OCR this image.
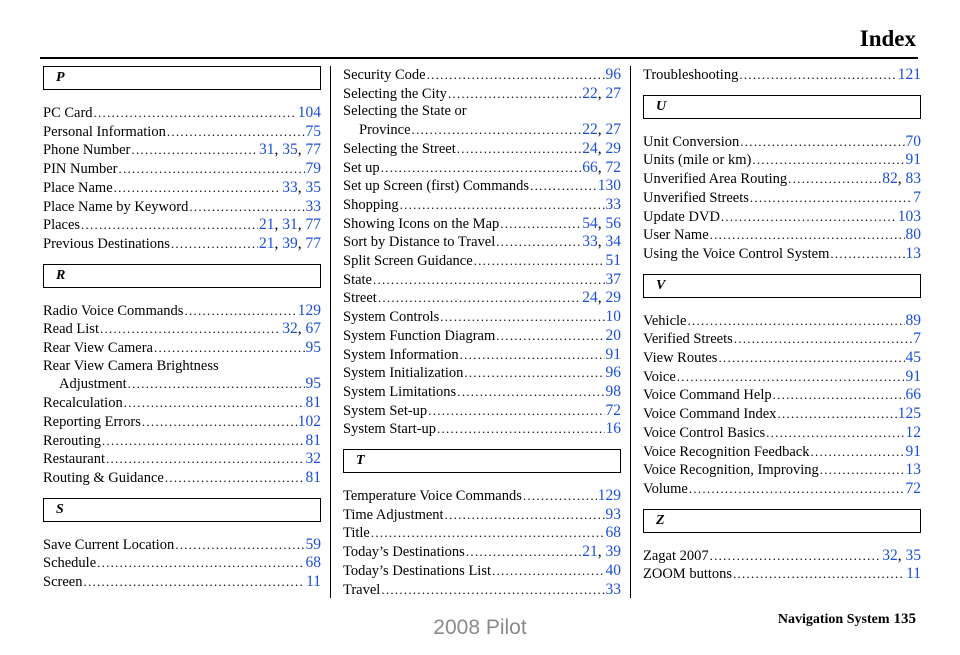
Index
P
PC Card . . .	104
Personal Information . . .	75
Phone Number . . .	31, 35, 77
PIN Number . . .	79
Place Name . . .	33, 35
Place Name by Keyword . . .	33
Places . . .	21, 31, 77
Previous Destinations . . .	21, 39, 77
R
Radio Voice Commands . . .	129
Read List . . .	32, 67
Rear View Camera . . .	95
Rear View Camera Brightness
Adjustment . . .	95
Recalculation . . .	81
Reporting Errors . . .	102
Rerouting . . .	81
Restaurant . . .	32
Routing & Guidance . . .	81
S
Save Current Location . . .	59
Schedule . . .	68
Screen . . .	11
Security Code . . .	96
Selecting the City . . .	22, 27
Selecting the State or
Province . . .	22, 27
Selecting the Street . . .	24, 29
Set up . . .	66, 72
Set up Screen (first) Commands . . .	130
Shopping . . .	33
Showing Icons on the Map . . .	54, 56
Sort by Distance to Travel . . .	33, 34
Split Screen Guidance . . .	51
State . . .	37
Street . . .	24, 29
System Controls . . .	10
System Function Diagram . . .	20
System Information . . .	91
System Initialization . . .	96
System Limitations . . .	98
System Set-up . . .	72
System Start-up . . .	16
T
Temperature Voice Commands . . .	129
Time Adjustment . . .	93
Title . . .	68
Today’s Destinations . . .	21, 39
Today’s Destinations List . . .	40
Travel . . .	33
Troubleshooting . . .	121
U
Unit Conversion . . .	70
Units (mile or km) . . .	91
Unverified Area Routing . . .	82, 83
Unverified Streets . . .	7
Update DVD . . .	103
User Name . . .	80
Using the Voice Control System . . .	13
V
Vehicle . . .	89
Verified Streets . . .	7
View Routes . . .	45
Voice . . .	91
Voice Command Help . . .	66
Voice Command Index . . .	125
Voice Control Basics . . .	12
Voice Recognition Feedback . . .	91
Voice Recognition, Improving . . .	13
Volume . . .	72
Z
Zagat 2007 . . .	32, 35
ZOOM buttons . . .	11
Navigation System 135
2008 Pilot
